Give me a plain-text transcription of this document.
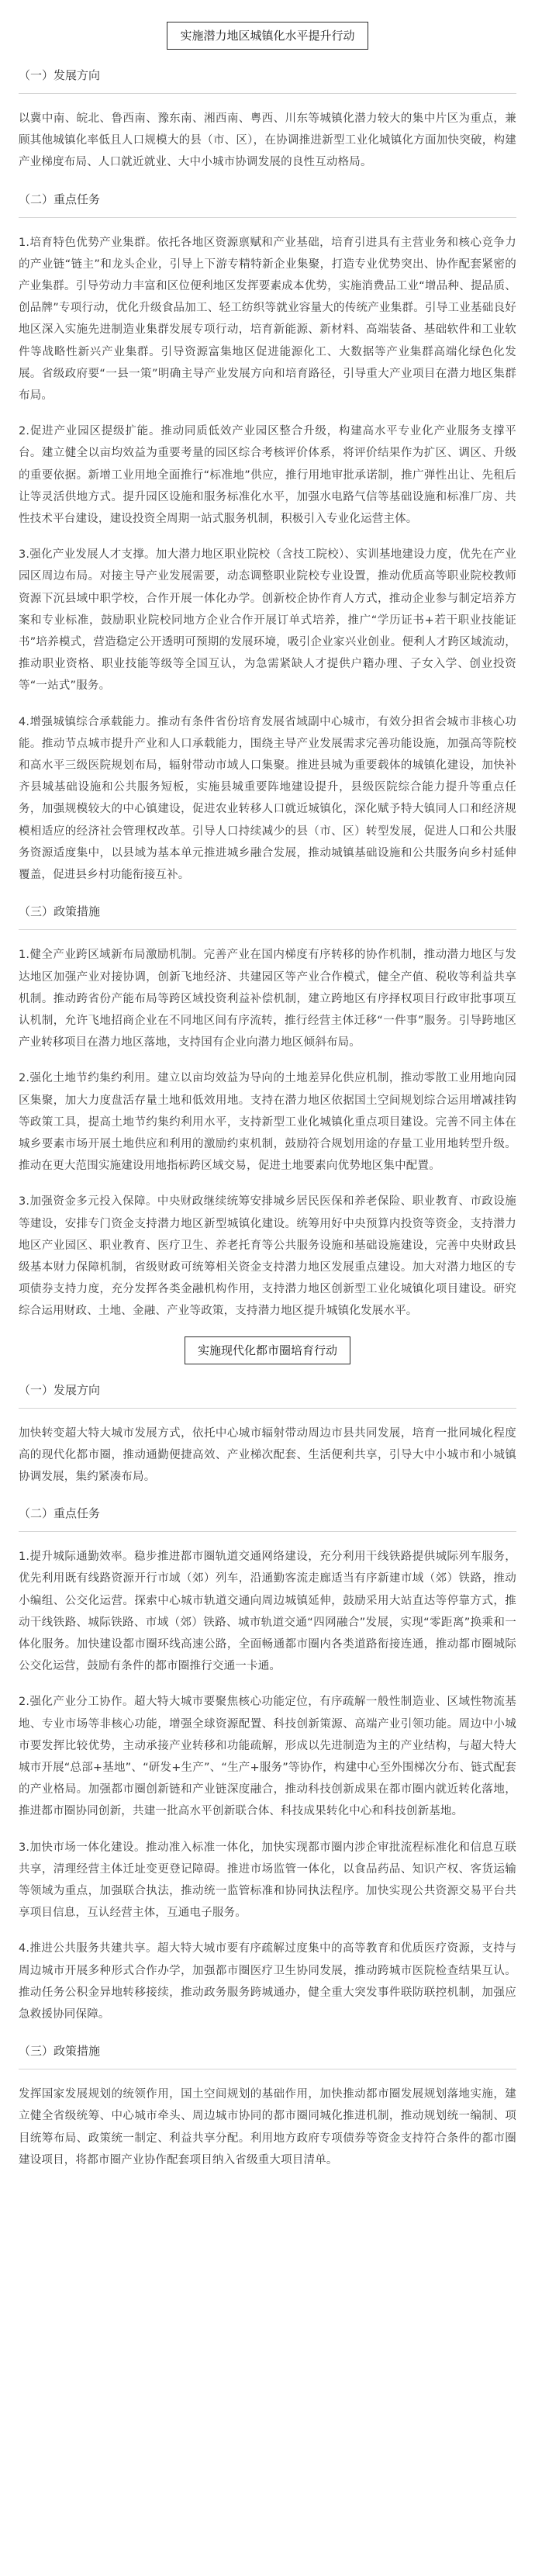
实施潜力地区城镇化水平提升行动
（一）发展方向

以冀中南、皖北、鲁西南、豫东南、湘西南、粤西、川东等城镇化潜力较大的集中片区为重点，兼顾其他城镇化率低且人口规模大的县（市、区），在协调推进新型工业化城镇化方面加快突破，构建产业梯度布局、人口就近就业、大中小城市协调发展的良性互动格局。

（二）重点任务

1.培育特色优势产业集群。依托各地区资源禀赋和产业基础，培育引进具有主营业务和核心竞争力的产业链“链主”和龙头企业，引导上下游专精特新企业集聚，打造专业优势突出、协作配套紧密的产业集群。引导劳动力丰富和区位便利地区发挥要素成本优势，实施消费品工业“增品种、提品质、创品牌”专项行动，优化升级食品加工、轻工纺织等就业容量大的传统产业集群。引导工业基础良好地区深入实施先进制造业集群发展专项行动，培育新能源、新材料、高端装备、基础软件和工业软件等战略性新兴产业集群。引导资源富集地区促进能源化工、大数据等产业集群高端化绿色化发展。省级政府要“一县一策”明确主导产业发展方向和培育路径，引导重大产业项目在潜力地区集群布局。

2.促进产业园区提级扩能。推动同质低效产业园区整合升级，构建高水平专业化产业服务支撑平台。建立健全以亩均效益为重要考量的园区综合考核评价体系，将评价结果作为扩区、调区、升级的重要依据。新增工业用地全面推行“标准地”供应，推行用地审批承诺制，推广弹性出让、先租后让等灵活供地方式。提升园区设施和服务标准化水平，加强水电路气信等基础设施和标准厂房、共性技术平台建设，建设投资全周期一站式服务机制，积极引入专业化运营主体。

3.强化产业发展人才支撑。加大潜力地区职业院校（含技工院校）、实训基地建设力度，优先在产业园区周边布局。对接主导产业发展需要，动态调整职业院校专业设置，推动优质高等职业院校教师资源下沉县域中职学校，合作开展一体化办学。创新校企协作育人方式，推动企业参与制定培养方案和专业标准，鼓励职业院校同地方企业合作开展订单式培养，推广“学历证书+若干职业技能证书”培养模式，营造稳定公开透明可预期的发展环境，吸引企业家兴业创业。便利人才跨区域流动，推动职业资格、职业技能等级等全国互认，为急需紧缺人才提供户籍办理、子女入学、创业投资等“一站式”服务。

4.增强城镇综合承载能力。推动有条件省份培育发展省域副中心城市，有效分担省会城市非核心功能。推动节点城市提升产业和人口承载能力，围绕主导产业发展需求完善功能设施，加强高等院校和高水平三级医院规划布局，辐射带动市域人口集聚。推进县城为重要载体的城镇化建设，加快补齐县城基础设施和公共服务短板，实施县城重要阵地建设提升，县级医院综合能力提升等重点任务，加强规模较大的中心镇建设，促进农业转移人口就近城镇化，深化赋予特大镇同人口和经济规模相适应的经济社会管理权改革。引导人口持续减少的县（市、区）转型发展，促进人口和公共服务资源适度集中，以县域为基本单元推进城乡融合发展，推动城镇基础设施和公共服务向乡村延伸覆盖，促进县乡村功能衔接互补。

（三）政策措施

1.健全产业跨区域新布局激励机制。完善产业在国内梯度有序转移的协作机制，推动潜力地区与发达地区加强产业对接协调，创新飞地经济、共建园区等产业合作模式，健全产值、税收等利益共享机制。推动跨省份产能布局等跨区域投资利益补偿机制，建立跨地区有序择权项目行政审批事项互认机制，允许飞地招商企业在不同地区间有序流转，推行经营主体迁移“一件事”服务。引导跨地区产业转移项目在潜力地区落地，支持国有企业向潜力地区倾斜布局。

2.强化土地节约集约利用。建立以亩均效益为导向的土地差异化供应机制，推动零散工业用地向园区集聚，加大力度盘活存量土地和低效用地。支持在潜力地区依据国土空间规划综合运用增减挂钩等政策工具，提高土地节约集约利用水平，支持新型工业化城镇化重点项目建设。完善不同主体在城乡要素市场开展土地供应和利用的激励约束机制，鼓励符合规划用途的存量工业用地转型升级。推动在更大范围实施建设用地指标跨区域交易，促进土地要素向优势地区集中配置。

3.加强资金多元投入保障。中央财政继续统筹安排城乡居民医保和养老保险、职业教育、市政设施等建设，安排专门资金支持潜力地区新型城镇化建设。统筹用好中央预算内投资等资金，支持潜力地区产业园区、职业教育、医疗卫生、养老托育等公共服务设施和基础设施建设，完善中央财政县级基本财力保障机制，省级财政可统筹相关资金支持潜力地区发展重点建设。加大对潜力地区的专项债券支持力度，充分发挥各类金融机构作用，支持潜力地区创新型工业化城镇化项目建设。研究综合运用财政、土地、金融、产业等政策，支持潜力地区提升城镇化发展水平。

实施现代化都市圈培育行动
（一）发展方向

加快转变超大特大城市发展方式，依托中心城市辐射带动周边市县共同发展，培育一批同城化程度高的现代化都市圈，推动通勤便捷高效、产业梯次配套、生活便利共享，引导大中小城市和小城镇协调发展，集约紧凑布局。

（二）重点任务

1.提升城际通勤效率。稳步推进都市圈轨道交通网络建设，充分利用干线铁路提供城际列车服务，优先利用既有线路资源开行市域（郊）列车，沿通勤客流走廊适当有序新建市域（郊）铁路，推动小编组、公交化运营。探索中心城市轨道交通向周边城镇延伸，鼓励采用大站直达等停靠方式，推动干线铁路、城际铁路、市域（郊）铁路、城市轨道交通“四网融合”发展，实现“零距离”换乘和一体化服务。加快建设都市圈环线高速公路，全面畅通都市圈内各类道路衔接连通，推动都市圈城际公交化运营，鼓励有条件的都市圈推行交通一卡通。

2.强化产业分工协作。超大特大城市要聚焦核心功能定位，有序疏解一般性制造业、区域性物流基地、专业市场等非核心功能，增强全球资源配置、科技创新策源、高端产业引领功能。周边中小城市要发挥比较优势，主动承接产业转移和功能疏解，形成以先进制造为主的产业结构，与超大特大城市开展“总部+基地”、“研发+生产”、“生产+服务”等协作，构建中心至外围梯次分布、链式配套的产业格局。加强都市圈创新链和产业链深度融合，推动科技创新成果在都市圈内就近转化落地，推进都市圈协同创新，共建一批高水平创新联合体、科技成果转化中心和科技创新基地。

3.加快市场一体化建设。推动准入标准一体化，加快实现都市圈内涉企审批流程标准化和信息互联共享，清理经营主体迁址变更登记障碍。推进市场监管一体化，以食品药品、知识产权、客货运输等领域为重点，加强联合执法，推动统一监管标准和协同执法程序。加快实现公共资源交易平台共享项目信息，互认经营主体，互通电子服务。

4.推进公共服务共建共享。超大特大城市要有序疏解过度集中的高等教育和优质医疗资源，支持与周边城市开展多种形式合作办学，加强都市圈医疗卫生协同发展，推动跨城市医院检查结果互认。推动任务公积金异地转移接续，推动政务服务跨城通办，健全重大突发事件联防联控机制，加强应急救援协同保障。

（三）政策措施

发挥国家发展规划的统领作用，国土空间规划的基础作用，加快推动都市圈发展规划落地实施，建立健全省级统筹、中心城市牵头、周边城市协同的都市圈同城化推进机制，推动规划统一编制、项目统筹布局、政策统一制定、利益共享分配。利用地方政府专项债券等资金支持符合条件的都市圈建设项目，将都市圈产业协作配套项目纳入省级重大项目清单。
